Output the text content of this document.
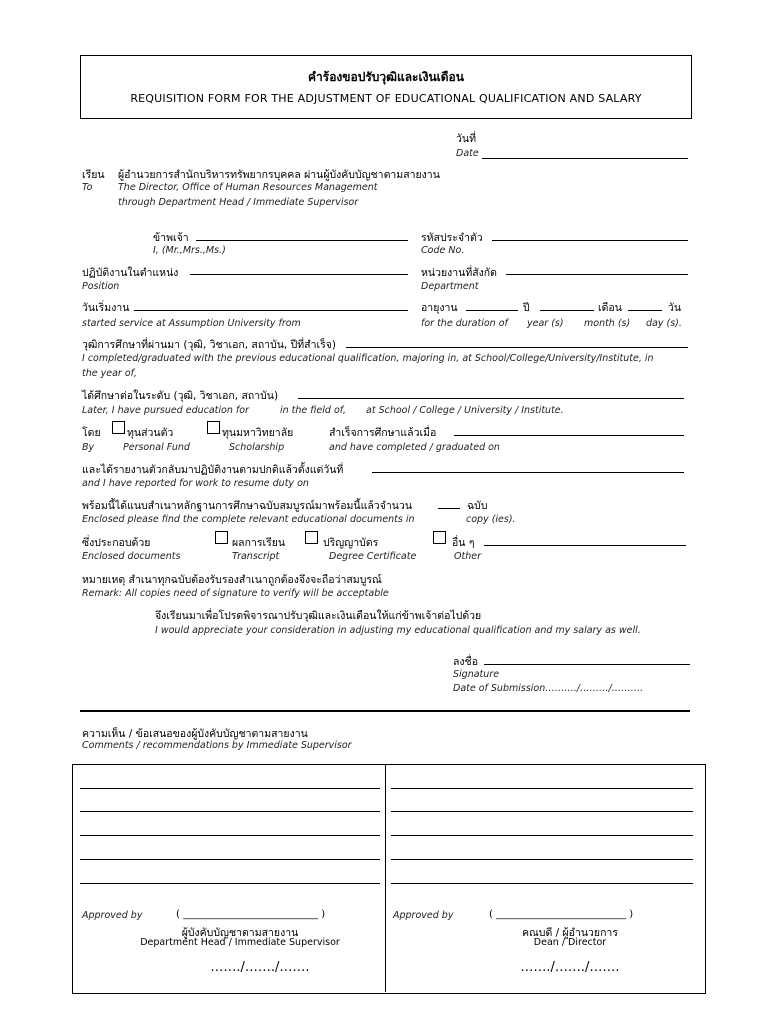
คำร้องขอปรับวุฒิและเงินเดือน
REQUISITION FORM FOR THE ADJUSTMENT OF EDUCATIONAL QUALIFICATION AND SALARY
วันที่
Date
เรียน ผู้อำนวยการสำนักบริหารทรัพยากรบุคคล ผ่านผู้บังคับบัญชาตามสายงาน
To	The Director, Office of Human Resources Management
through Department Head / Immediate Supervisor
ข้าพเจ้า
I, (Mr.,Mrs.,Ms.)
รหัสประจำตัว
Code No.
ปฏิบัติงานในตำแหน่ง
Position
หน่วยงานที่สังกัด
Department
วันเริ่มงาน
started service at Assumption University from
อายุงาน	ปี	เดือน	วัน
for the duration of year (s) month (s) day (s).
วุฒิการศึกษาที่ผ่านมา (วุฒิ, วิชาเอก, สถาบัน, ปีที่สำเร็จ)
I completed/graduated with the previous educational qualification, majoring in, at School/College/University/Institute, in
the year of,
ได้ศึกษาต่อในระดับ (วุฒิ, วิชาเอก, สถาบัน)
Later, I have pursued education for	in the field of, at School / College / University / Institute.
โดย	ทุนส่วนตัว	ทุนมหาวิทยาลัย	สำเร็จการศึกษาแล้วเมื่อ
By	Personal Fund	Scholarship	and have completed / graduated on
และได้รายงานตัวกลับมาปฏิบัติงานตามปกติแล้วตั้งแต่วันที่
and I have reported for work to resume duty on
พร้อมนี้ได้แนบสำเนาหลักฐานการศึกษาฉบับสมบูรณ์มาพร้อมนี้แล้วจำนวน	ฉบับ
Enclosed please find the complete relevant educational documents in	copy (ies).
ซึ่งประกอบด้วย	ผลการเรียน	ปริญญาบัตร	อื่น ๆ
Enclosed documents	Transcript	Degree Certificate	Other
หมายเหตุ สำเนาทุกฉบับต้องรับรองสำเนาถูกต้องจึงจะถือว่าสมบูรณ์
Remark: All copies need of signature to verify will be acceptable
จึงเรียนมาเพื่อโปรดพิจารณาปรับวุฒิและเงินเดือนให้แก่ข้าพเจ้าต่อไปด้วย
I would appreciate your consideration in adjusting my educational qualification and my salary as well.
ลงชื่อ
Signature
Date of Submission………./………/……….
ความเห็น / ข้อเสนอของผู้บังคับบัญชาตามสายงาน
Comments / recommendations by Immediate Supervisor
Approved by	( ___________________________ )
ผู้บังคับบัญชาตามสายงาน
Department Head / Immediate Supervisor
……./……./…….
Approved by	( __________________________ )
คณบดี / ผู้อำนวยการ
Dean / Director
……./……./…….
